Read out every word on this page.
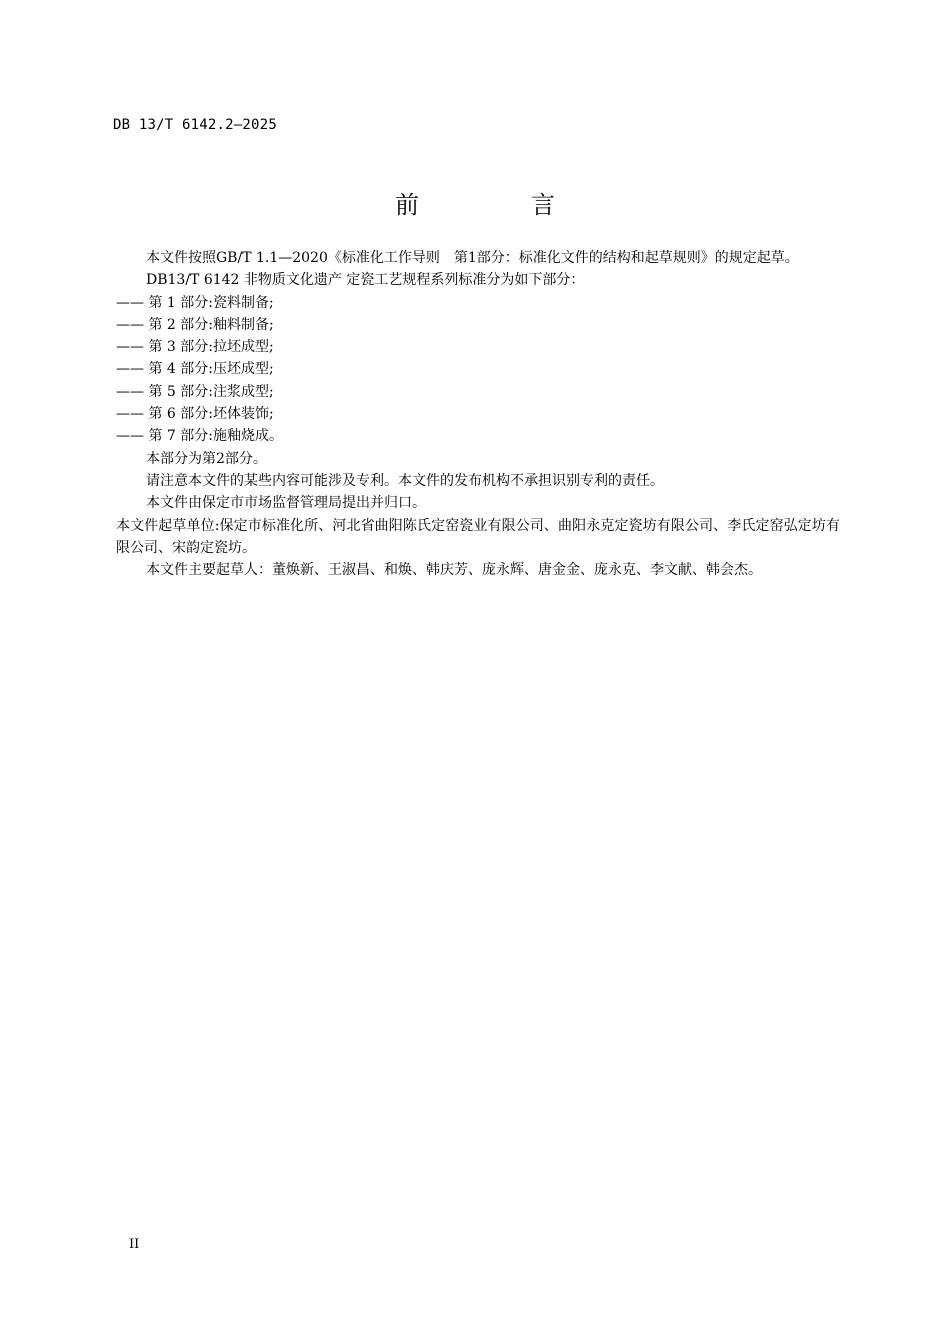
DB 13/T 6142.2—2025
前　言

本文件按照GB/T 1.1—2020《标准化工作导则　第1部分：标准化文件的结构和起草规则》的规定起草。

DB13/T 6142 非物质文化遗产 定瓷工艺规程系列标准分为如下部分：

—— 第 1 部分:瓷料制备;

—— 第 2 部分:釉料制备;

—— 第 3 部分:拉坯成型;

—— 第 4 部分:压坯成型;

—— 第 5 部分:注浆成型;

—— 第 6 部分:坯体装饰;

—— 第 7 部分:施釉烧成。

本部分为第2部分。

请注意本文件的某些内容可能涉及专利。本文件的发布机构不承担识别专利的责任。

本文件由保定市市场监督管理局提出并归口。

本文件起草单位:保定市标准化所、河北省曲阳陈氏定窑瓷业有限公司、曲阳永克定瓷坊有限公司、李氏定窑弘定坊有限公司、宋韵定瓷坊。

本文件主要起草人：董焕新、王淑昌、和焕、韩庆芳、庞永辉、唐金金、庞永克、李文献、韩会杰。

II
